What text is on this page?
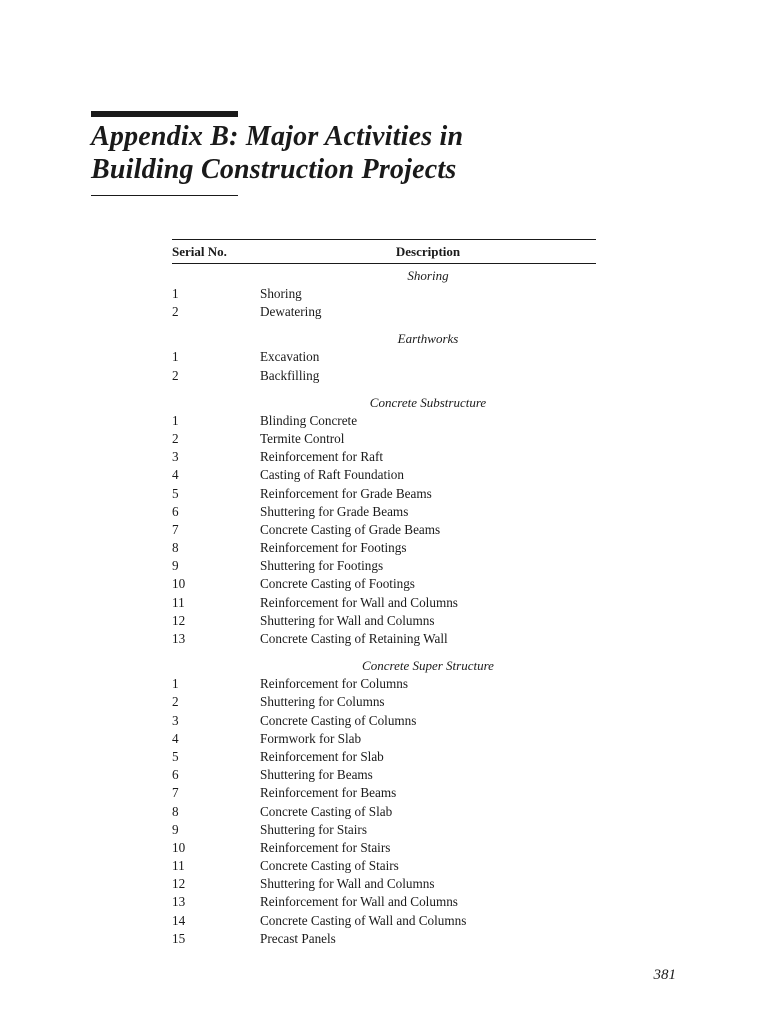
Appendix B: Major Activities in
Building Construction Projects
Serial No.	Description
Shoring
1	Shoring
2	Dewatering
Earthworks
1	Excavation
2	Backfilling
Concrete Substructure
1	Blinding Concrete
2	Termite Control
3	Reinforcement for Raft
4	Casting of Raft Foundation
5	Reinforcement for Grade Beams
6	Shuttering for Grade Beams
7	Concrete Casting of Grade Beams
8	Reinforcement for Footings
9	Shuttering for Footings
10	Concrete Casting of Footings
11	Reinforcement for Wall and Columns
12	Shuttering for Wall and Columns
13	Concrete Casting of Retaining Wall
Concrete Super Structure
1	Reinforcement for Columns
2	Shuttering for Columns
3	Concrete Casting of Columns
4	Formwork for Slab
5	Reinforcement for Slab
6	Shuttering for Beams
7	Reinforcement for Beams
8	Concrete Casting of Slab
9	Shuttering for Stairs
10	Reinforcement for Stairs
11	Concrete Casting of Stairs
12	Shuttering for Wall and Columns
13	Reinforcement for Wall and Columns
14	Concrete Casting of Wall and Columns
15	Precast Panels
381
